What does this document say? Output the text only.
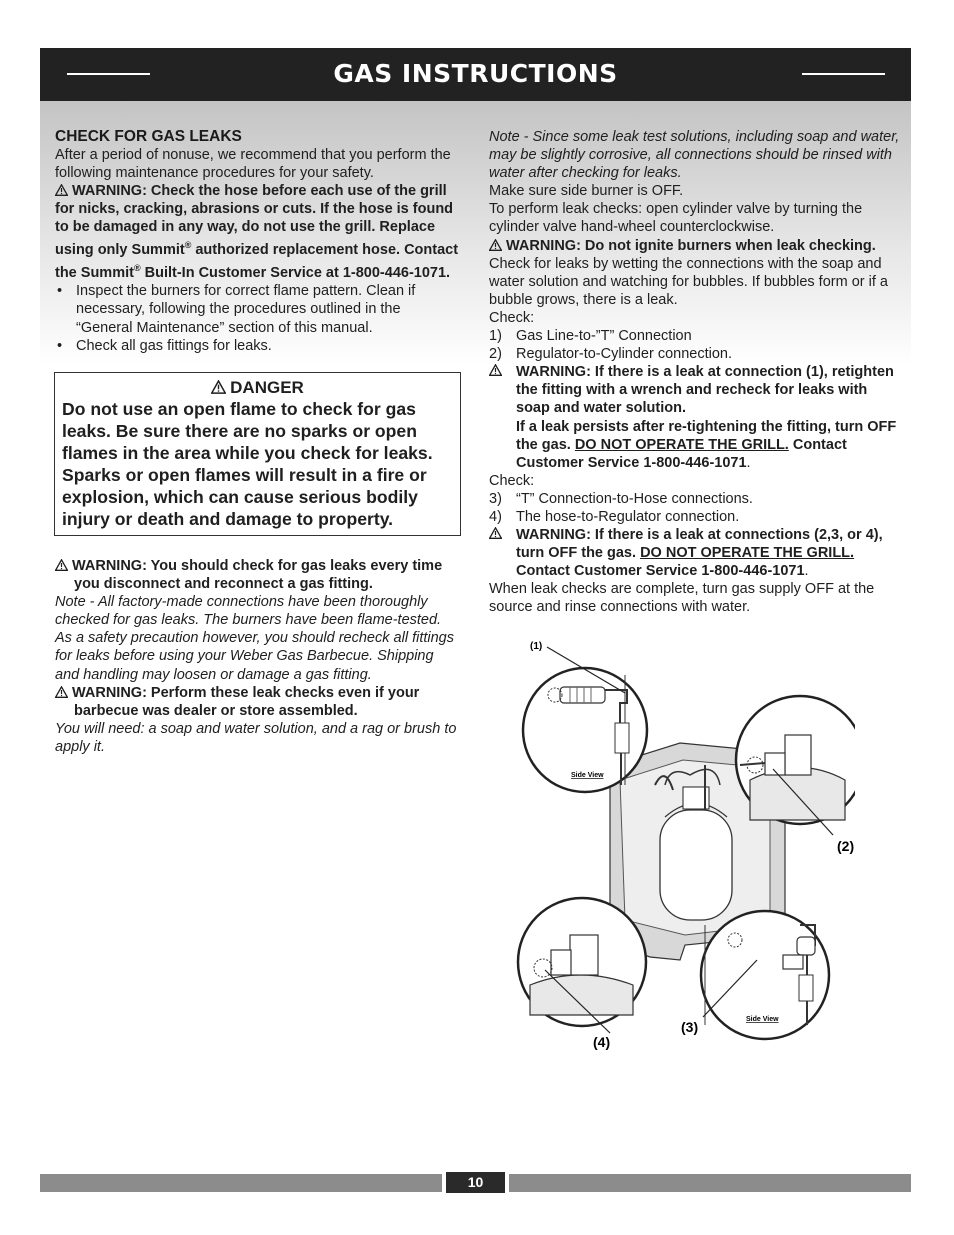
GAS INSTRUCTIONS

CHECK FOR GAS LEAKS

After a period of nonuse, we recommend that you perform the following maintenance procedures for your safety.

WARNING: Check the hose before each use of the grill for nicks, cracking, abrasions or cuts. If the hose is found to be damaged in any way, do not use the grill. Replace using only Summit® authorized replacement hose. Contact the Summit® Built-In Customer Service at 1-800-446-1071.

• Inspect the burners for correct flame pattern. Clean if necessary, following the procedures outlined in the “General Maintenance” section of this manual.

• Check all gas fittings for leaks.

DANGER
Do not use an open flame to check for gas leaks. Be sure there are no sparks or open flames in the area while you check for leaks. Sparks or open flames will result in a fire or explosion, which can cause serious bodily injury or death and damage to property.

WARNING: You should check for gas leaks every time you disconnect and reconnect a gas fitting.

Note - All factory-made connections have been thoroughly checked for gas leaks. The burners have been flame-tested. As a safety precaution however, you should recheck all fittings for leaks before using your Weber Gas Barbecue. Shipping and handling may loosen or damage a gas fitting.

WARNING: Perform these leak checks even if your barbecue was dealer or store assembled.

You will need: a soap and water solution, and a rag or brush to apply it.

Note - Since some leak test solutions, including soap and water, may be slightly corrosive, all connections should be rinsed with water after checking for leaks.

Make sure side burner is OFF.

To perform leak checks: open cylinder valve by turning the cylinder valve hand-wheel counterclockwise.

WARNING: Do not ignite burners when leak checking.

Check for leaks by wetting the connections with the soap and water solution and watching for bubbles. If bubbles form or if a bubble grows, there is a leak.

Check:

1) Gas Line-to-”T” Connection

2) Regulator-to-Cylinder connection.

WARNING: If there is a leak at connection (1), retighten the fitting with a wrench and recheck for leaks with soap and water solution.
If a leak persists after re-tightening the fitting, turn OFF the gas. DO NOT OPERATE THE GRILL. Contact Customer Service 1-800-446-1071.

Check:

3) “T” Connection-to-Hose connections.

4) The hose-to-Regulator connection.

WARNING: If there is a leak at connections (2,3, or 4), turn OFF the gas. DO NOT OPERATE THE GRILL. Contact Customer Service 1-800-446-1071.

When leak checks are complete, turn gas supply OFF at the source and rinse connections with water.

Side View
(1)
(2)
(4)
Side View
(3)
10
